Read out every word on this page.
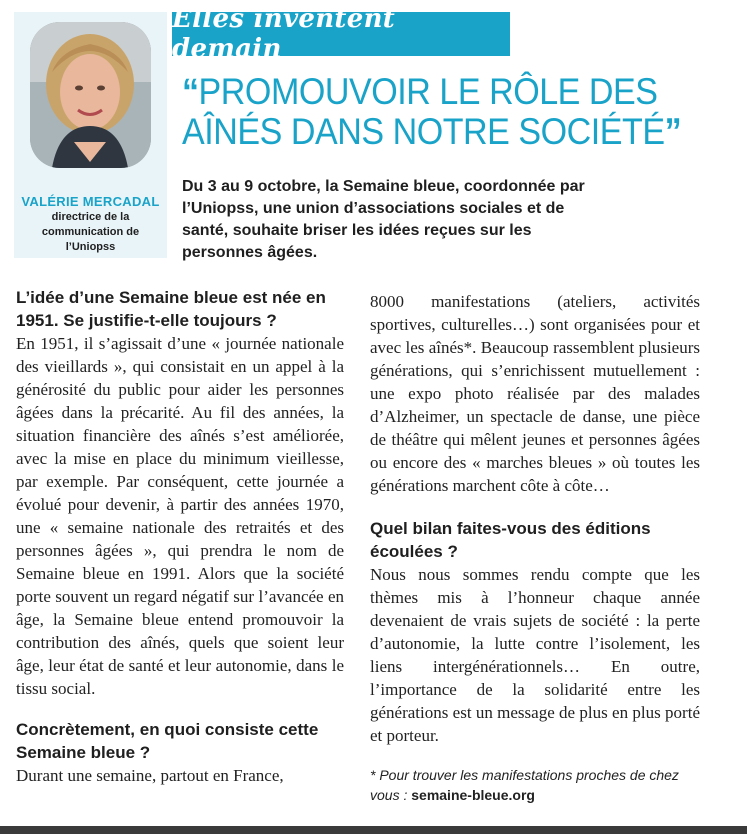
Elles inventent demain
VALÉRIE MERCADAL
directrice de la communication de l’Uniopss
“PROMOUVOIR LE RÔLE DES
AÎNÉS DANS NOTRE SOCIÉTÉ”
Du 3 au 9 octobre, la Semaine bleue, coordonnée par l’Uniopss, une union d’associations sociales et de santé, souhaite briser les idées reçues sur les personnes âgées.

L’idée d’une Semaine bleue est née en 1951. Se justifie-t-elle toujours ?

En 1951, il s’agissait d’une « journée nationale des vieillards », qui consistait en un appel à la générosité du public pour aider les personnes âgées dans la précarité. Au fil des années, la situation financière des aînés s’est améliorée, avec la mise en place du minimum vieillesse, par exemple. Par conséquent, cette journée a évolué pour devenir, à partir des années 1970, une « semaine nationale des retraités et des personnes âgées », qui prendra le nom de Semaine bleue en 1991. Alors que la société porte souvent un regard négatif sur l’avancée en âge, la Semaine bleue entend promouvoir la contribution des aînés, quels que soient leur âge, leur état de santé et leur autonomie, dans le tissu social.

Concrètement, en quoi consiste cette Semaine bleue ?

Durant une semaine, partout en France,

8000 manifestations (ateliers, activités sportives, culturelles…) sont organisées pour et avec les aînés*. Beaucoup rassemblent plusieurs générations, qui s’enrichissent mutuellement : une expo photo réalisée par des malades d’Alzheimer, un spectacle de danse, une pièce de théâtre qui mêlent jeunes et personnes âgées ou encore des « marches bleues » où toutes les générations marchent côte à côte…

Quel bilan faites-vous des éditions écoulées ?

Nous nous sommes rendu compte que les thèmes mis à l’honneur chaque année devenaient de vrais sujets de société : la perte d’autonomie, la lutte contre l’isolement, les liens intergénérationnels… En outre, l’importance de la solidarité entre les générations est un message de plus en plus porté et porteur.

* Pour trouver les manifestations proches de chez vous : semaine-bleue.org
